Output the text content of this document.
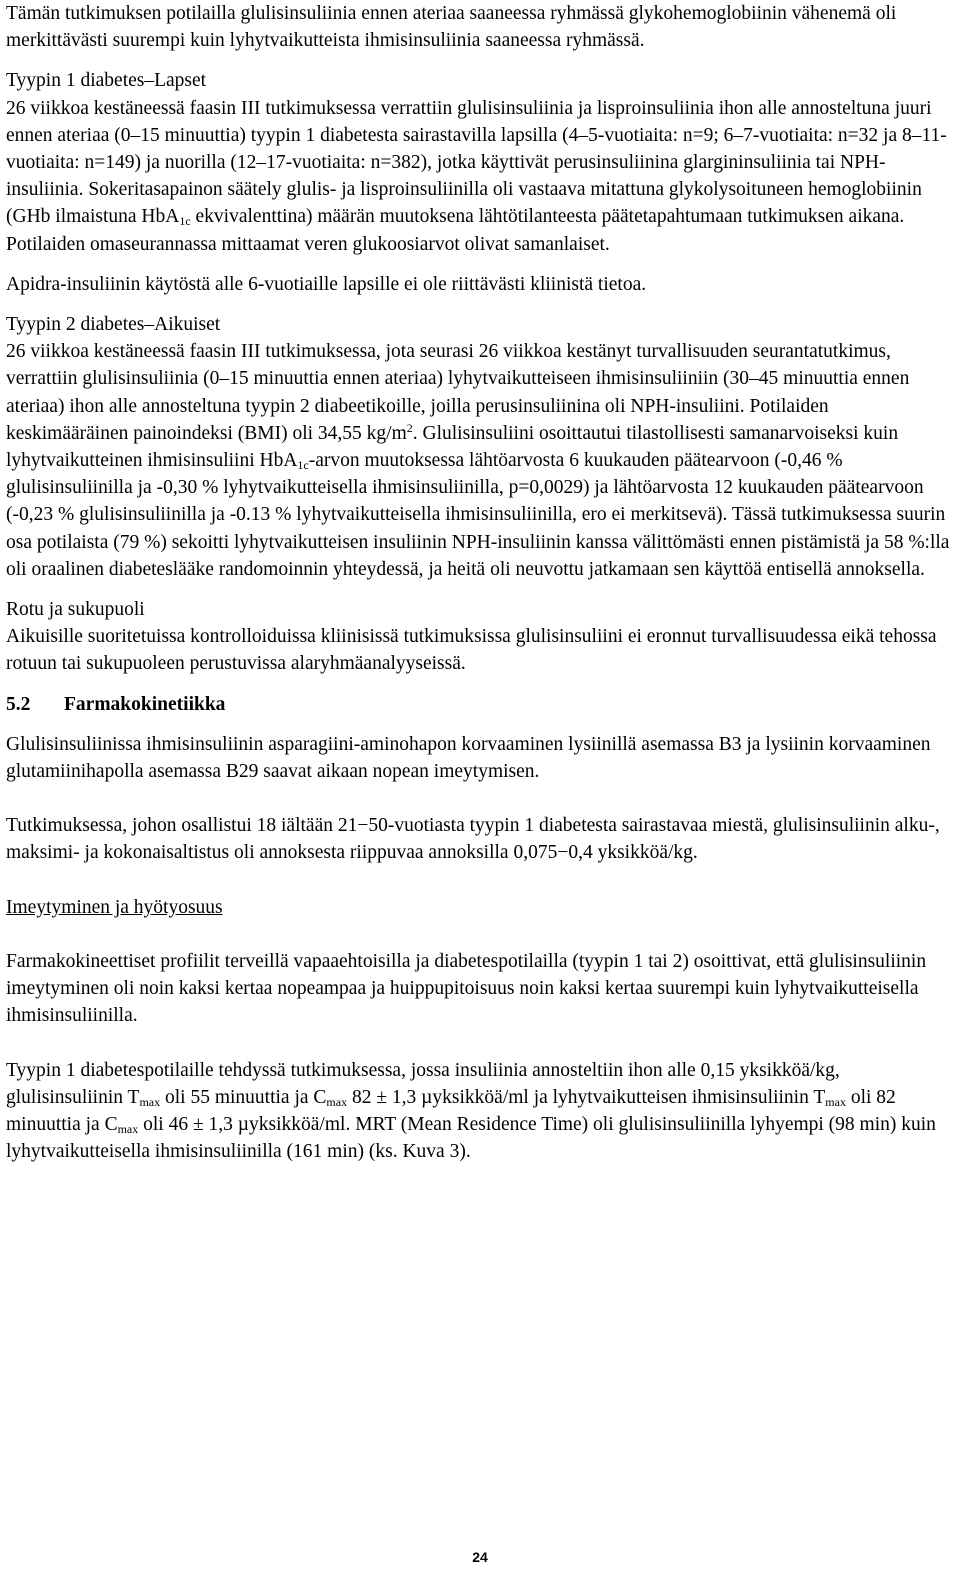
Tämän tutkimuksen potilailla glulisinsuliinia ennen ateriaa saaneessa ryhmässä glykohemoglobiinin vähenemä oli merkittävästi suurempi kuin lyhytvaikutteista ihmisinsuliinia saaneessa ryhmässä.

Tyypin 1 diabetes–Lapset
26 viikkoa kestäneessä faasin III tutkimuksessa verrattiin glulisinsuliinia ja lisproinsuliinia ihon alle annosteltuna juuri ennen ateriaa (0–15 minuuttia) tyypin 1 diabetesta sairastavilla lapsilla (4–5-vuotiaita: n=9; 6–7-vuotiaita: n=32 ja 8–11-vuotiaita: n=149) ja nuorilla (12–17-vuotiaita: n=382), jotka käyttivät perusinsuliinina glargininsuliinia tai NPH-insuliinia. Sokeritasapainon säätely glulis- ja lisproinsuliinilla oli vastaava mitattuna glykolysoituneen hemoglobiinin (GHb ilmaistuna HbA$_{1c}$ ekvivalenttina) määrän muutoksena lähtötilanteesta päätetapahtumaan tutkimuksen aikana. Potilaiden omaseurannassa mittaamat veren glukoosiarvot olivat samanlaiset.

Apidra-insuliinin käytöstä alle 6-vuotiaille lapsille ei ole riittävästi kliinistä tietoa.

Tyypin 2 diabetes–Aikuiset
26 viikkoa kestäneessä faasin III tutkimuksessa, jota seurasi 26 viikkoa kestänyt turvallisuuden seurantatutkimus, verrattiin glulisinsuliinia (0–15 minuuttia ennen ateriaa) lyhytvaikutteiseen ihmisinsuliiniin (30–45 minuuttia ennen ateriaa) ihon alle annosteltuna tyypin 2 diabeetikoille, joilla perusinsuliinina oli NPH-insuliini. Potilaiden keskimääräinen painoindeksi (BMI) oli 34,55 $kg/m^2$. Glulisinsuliini osoittautui tilastollisesti samanarvoiseksi kuin lyhytvaikutteinen ihmisinsuliini HbA$_{1c}$-arvon muutoksessa lähtöarvosta 6 kuukauden päätearvoon (-0,46 % glulisinsuliinilla ja -0,30 % lyhytvaikutteisella ihmisinsuliinilla, p=0,0029) ja lähtöarvosta 12 kuukauden päätearvoon (-0,23 % glulisinsuliinilla ja -0.13 % lyhytvaikutteisella ihmisinsuliinilla, ero ei merkitsevä). Tässä tutkimuksessa suurin osa potilaista (79 %) sekoitti lyhytvaikutteisen insuliinin NPH-insuliinin kanssa välittömästi ennen pistämistä ja 58 %:lla oli oraalinen diabeteslääke randomoinnin yhteydessä, ja heitä oli neuvottu jatkamaan sen käyttöä entisellä annoksella.

Rotu ja sukupuoli
Aikuisille suoritetuissa kontrolloiduissa kliinisissä tutkimuksissa glulisinsuliini ei eronnut turvallisuudessa eikä tehossa rotuun tai sukupuoleen perustuvissa alaryhmäanalyyseissä.

5.2 Farmakokinetiikka

Glulisinsuliinissa ihmisinsuliinin asparagiini-aminohapon korvaaminen lysiinillä asemassa B3 ja lysiinin korvaaminen glutamiinihapolla asemassa B29 saavat aikaan nopean imeytymisen.

Tutkimuksessa, johon osallistui 18 iältään 21−50-vuotiasta tyypin 1 diabetesta sairastavaa miestä, glulisinsuliinin alku-, maksimi- ja kokonaisaltistus oli annoksesta riippuvaa annoksilla 0,075−0,4 yksikköä/kg.

Imeytyminen ja hyötyosuus

Farmakokineettiset profiilit terveillä vapaaehtoisilla ja diabetespotilailla (tyypin 1 tai 2) osoittivat, että glulisinsuliinin imeytyminen oli noin kaksi kertaa nopeampaa ja huippupitoisuus noin kaksi kertaa suurempi kuin lyhytvaikutteisella ihmisinsuliinilla.

Tyypin 1 diabetespotilaille tehdyssä tutkimuksessa, jossa insuliinia annosteltiin ihon alle 0,15 yksikköä/kg, glulisinsuliinin $T_{max}$ oli 55 minuuttia ja $C_{max}$ 82 ± 1,3 µyksikköä/ml ja lyhytvaikutteisen ihmisinsuliinin $T_{max}$ oli 82 minuuttia ja $C_{max}$ oli 46 ± 1,3 µyksikköä/ml. MRT (Mean Residence Time) oli glulisinsuliinilla lyhyempi (98 min) kuin lyhytvaikutteisella ihmisinsuliinilla (161 min) (ks. Kuva 3).

24
